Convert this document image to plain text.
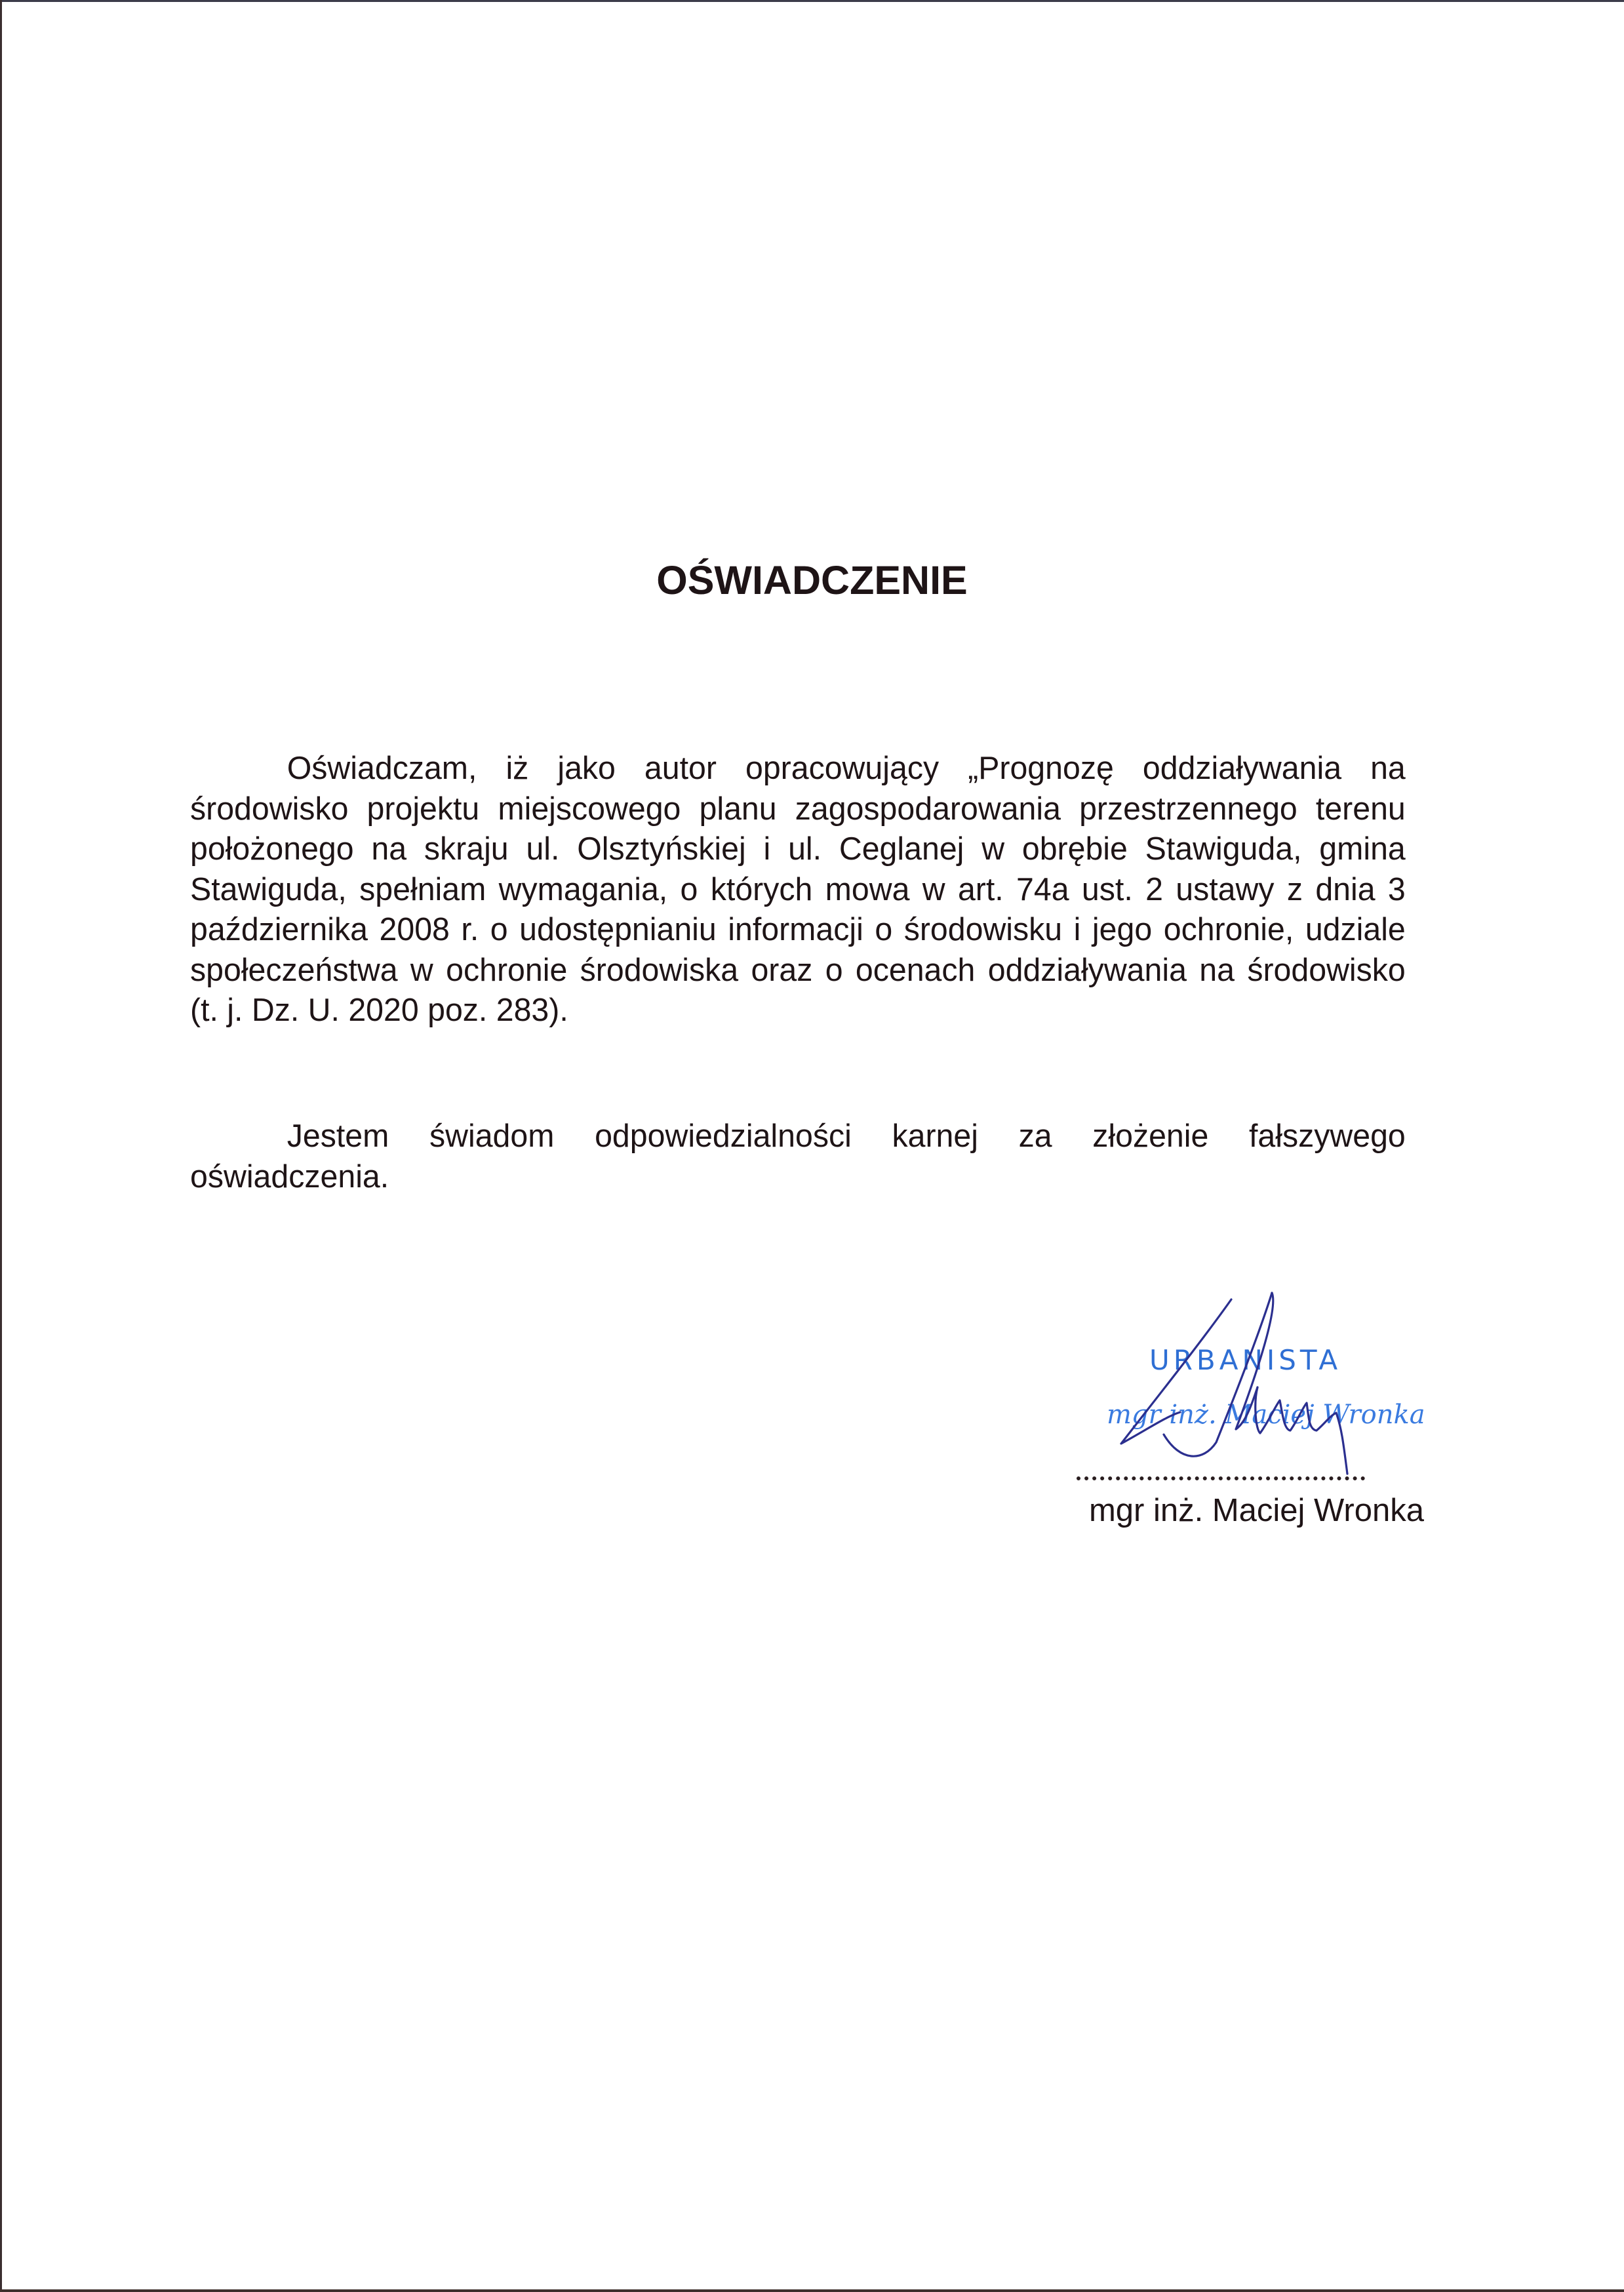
OŚWIADCZENIE

Oświadczam, iż jako autor opracowujący „Prognozę oddziaływania na środowisko projektu miejscowego planu zagospodarowania przestrzennego terenu położonego na skraju ul. Olsztyńskiej i ul. Ceglanej w obrębie Stawiguda, gmina Stawiguda, spełniam wymagania, o których mowa w art. 74a ust. 2 ustawy z dnia 3 października 2008 r. o udostępnianiu informacji o środowisku i jego ochronie, udziale społeczeństwa w ochronie środowiska oraz o ocenach oddziaływania na środowisko (t. j. Dz. U. 2020 poz. 283).

Jestem świadom odpowiedzialności karnej za złożenie fałszywego oświadczenia.

URBANISTA
mgr inż. Maciej Wronka
mgr inż. Maciej Wronka
